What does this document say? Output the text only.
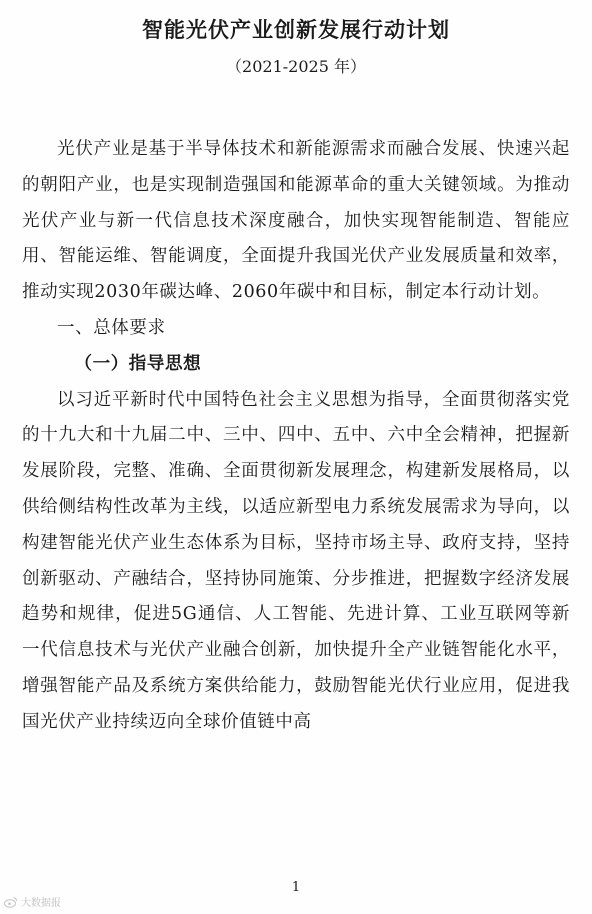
智能光伏产业创新发展行动计划
（2021-2025 年）

光伏产业是基于半导体技术和新能源需求而融合发展、快速兴起的朝阳产业，也是实现制造强国和能源革命的重大关键领域。为推动光伏产业与新一代信息技术深度融合，加快实现智能制造、智能应用、智能运维、智能调度，全面提升我国光伏产业发展质量和效率，推动实现2030年碳达峰、2060年碳中和目标，制定本行动计划。

一、总体要求
（一）指导思想

以习近平新时代中国特色社会主义思想为指导，全面贯彻落实党的十九大和十九届二中、三中、四中、五中、六中全会精神，把握新发展阶段，完整、准确、全面贯彻新发展理念，构建新发展格局，以供给侧结构性改革为主线，以适应新型电力系统发展需求为导向，以构建智能光伏产业生态体系为目标，坚持市场主导、政府支持，坚持创新驱动、产融结合，坚持协同施策、分步推进，把握数字经济发展趋势和规律，促进5G通信、人工智能、先进计算、工业互联网等新一代信息技术与光伏产业融合创新，加快提升全产业链智能化水平，增强智能产品及系统方案供给能力，鼓励智能光伏行业应用，促进我国光伏产业持续迈向全球价值链中高

1
大数据报
